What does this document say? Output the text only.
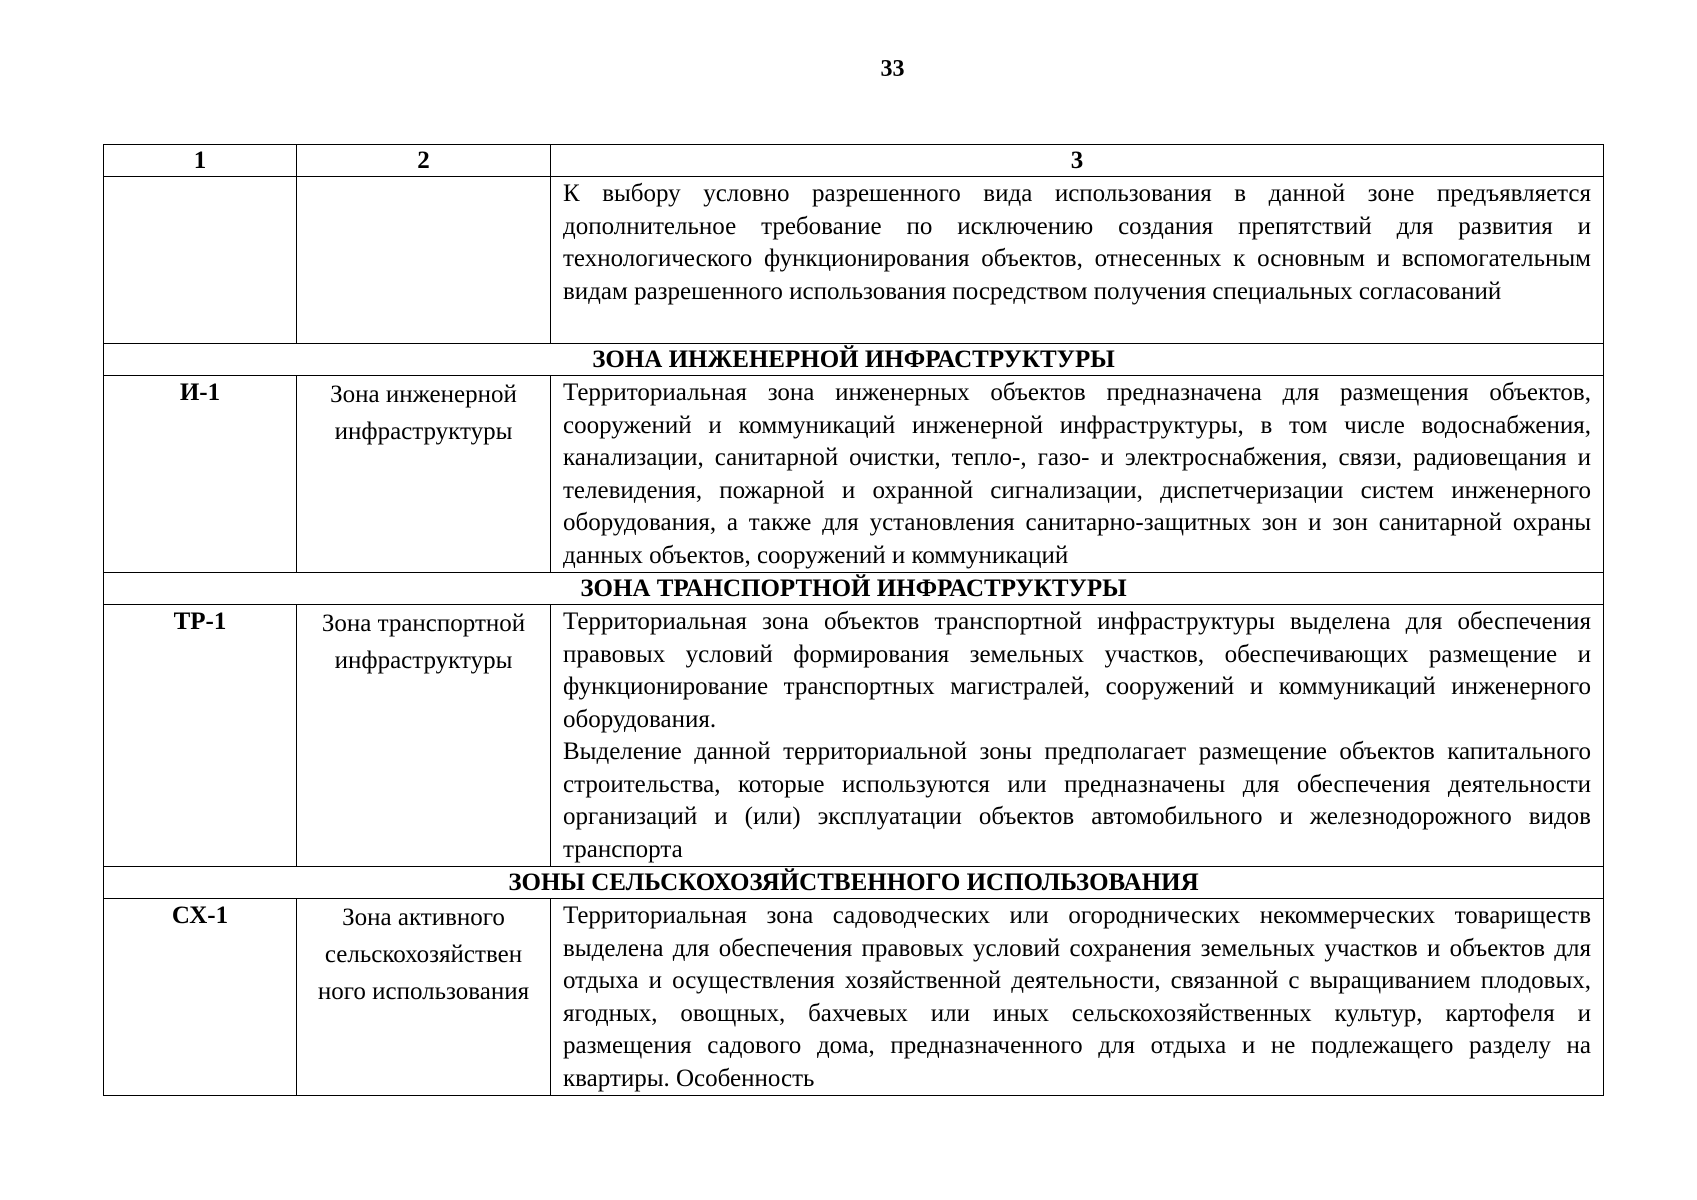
33
1	2	3

		К выбору условно разрешенного вида использования в данной зоне предъявляется дополнительное требование по исключению создания препятствий для развития и технологического функционирования объектов, отнесенных к основным и вспомогательным видам разрешенного использования посредством получения специальных согласований

ЗОНА ИНЖЕНЕРНОЙ ИНФРАСТРУКТУРЫ		
И-1	Зона инженерной инфраструктуры	Территориальная зона инженерных объектов предназначена для размещения объектов, сооружений и коммуникаций инженерной инфраструктуры, в том числе водоснабжения, канализации, санитарной очистки, тепло-, газо- и электроснабжения, связи, радиовещания и телевидения, пожарной и охранной сигнализации, диспетчеризации систем инженерного оборудования, а также для установления санитарно-защитных зон и зон санитарной охраны данных объектов, сооружений и коммуникаций

ЗОНА ТРАНСПОРТНОЙ ИНФРАСТРУКТУРЫ		
ТР-1	Зона транспортной инфраструктуры	Территориальная зона объектов транспортной инфраструктуры выделена для обеспечения правовых условий формирования земельных участков, обеспечивающих размещение и функционирование транспортных магистралей, сооружений и коммуникаций инженерного оборудования.

Выделение данной территориальной зоны предполагает размещение объектов капитального строительства, которые используются или предназначены для обеспечения деятельности организаций и (или) эксплуатации объектов автомобильного и железнодорожного видов транспорта

ЗОНЫ СЕЛЬСКОХОЗЯЙСТВЕННОГО ИСПОЛЬЗОВАНИЯ		
СХ-1	Зона активного сельскохозяйствен ного использования	Территориальная зона садоводческих или огороднических некоммерческих товариществ выделена для обеспечения правовых условий сохранения земельных участков и объектов для отдыха и осуществления хозяйственной деятельности, связанной с выращиванием плодовых, ягодных, овощных, бахчевых или иных сельскохозяйственных культур, картофеля и размещения садового дома, предназначенного для отдыха и не подлежащего разделу на квартиры. Особенность
